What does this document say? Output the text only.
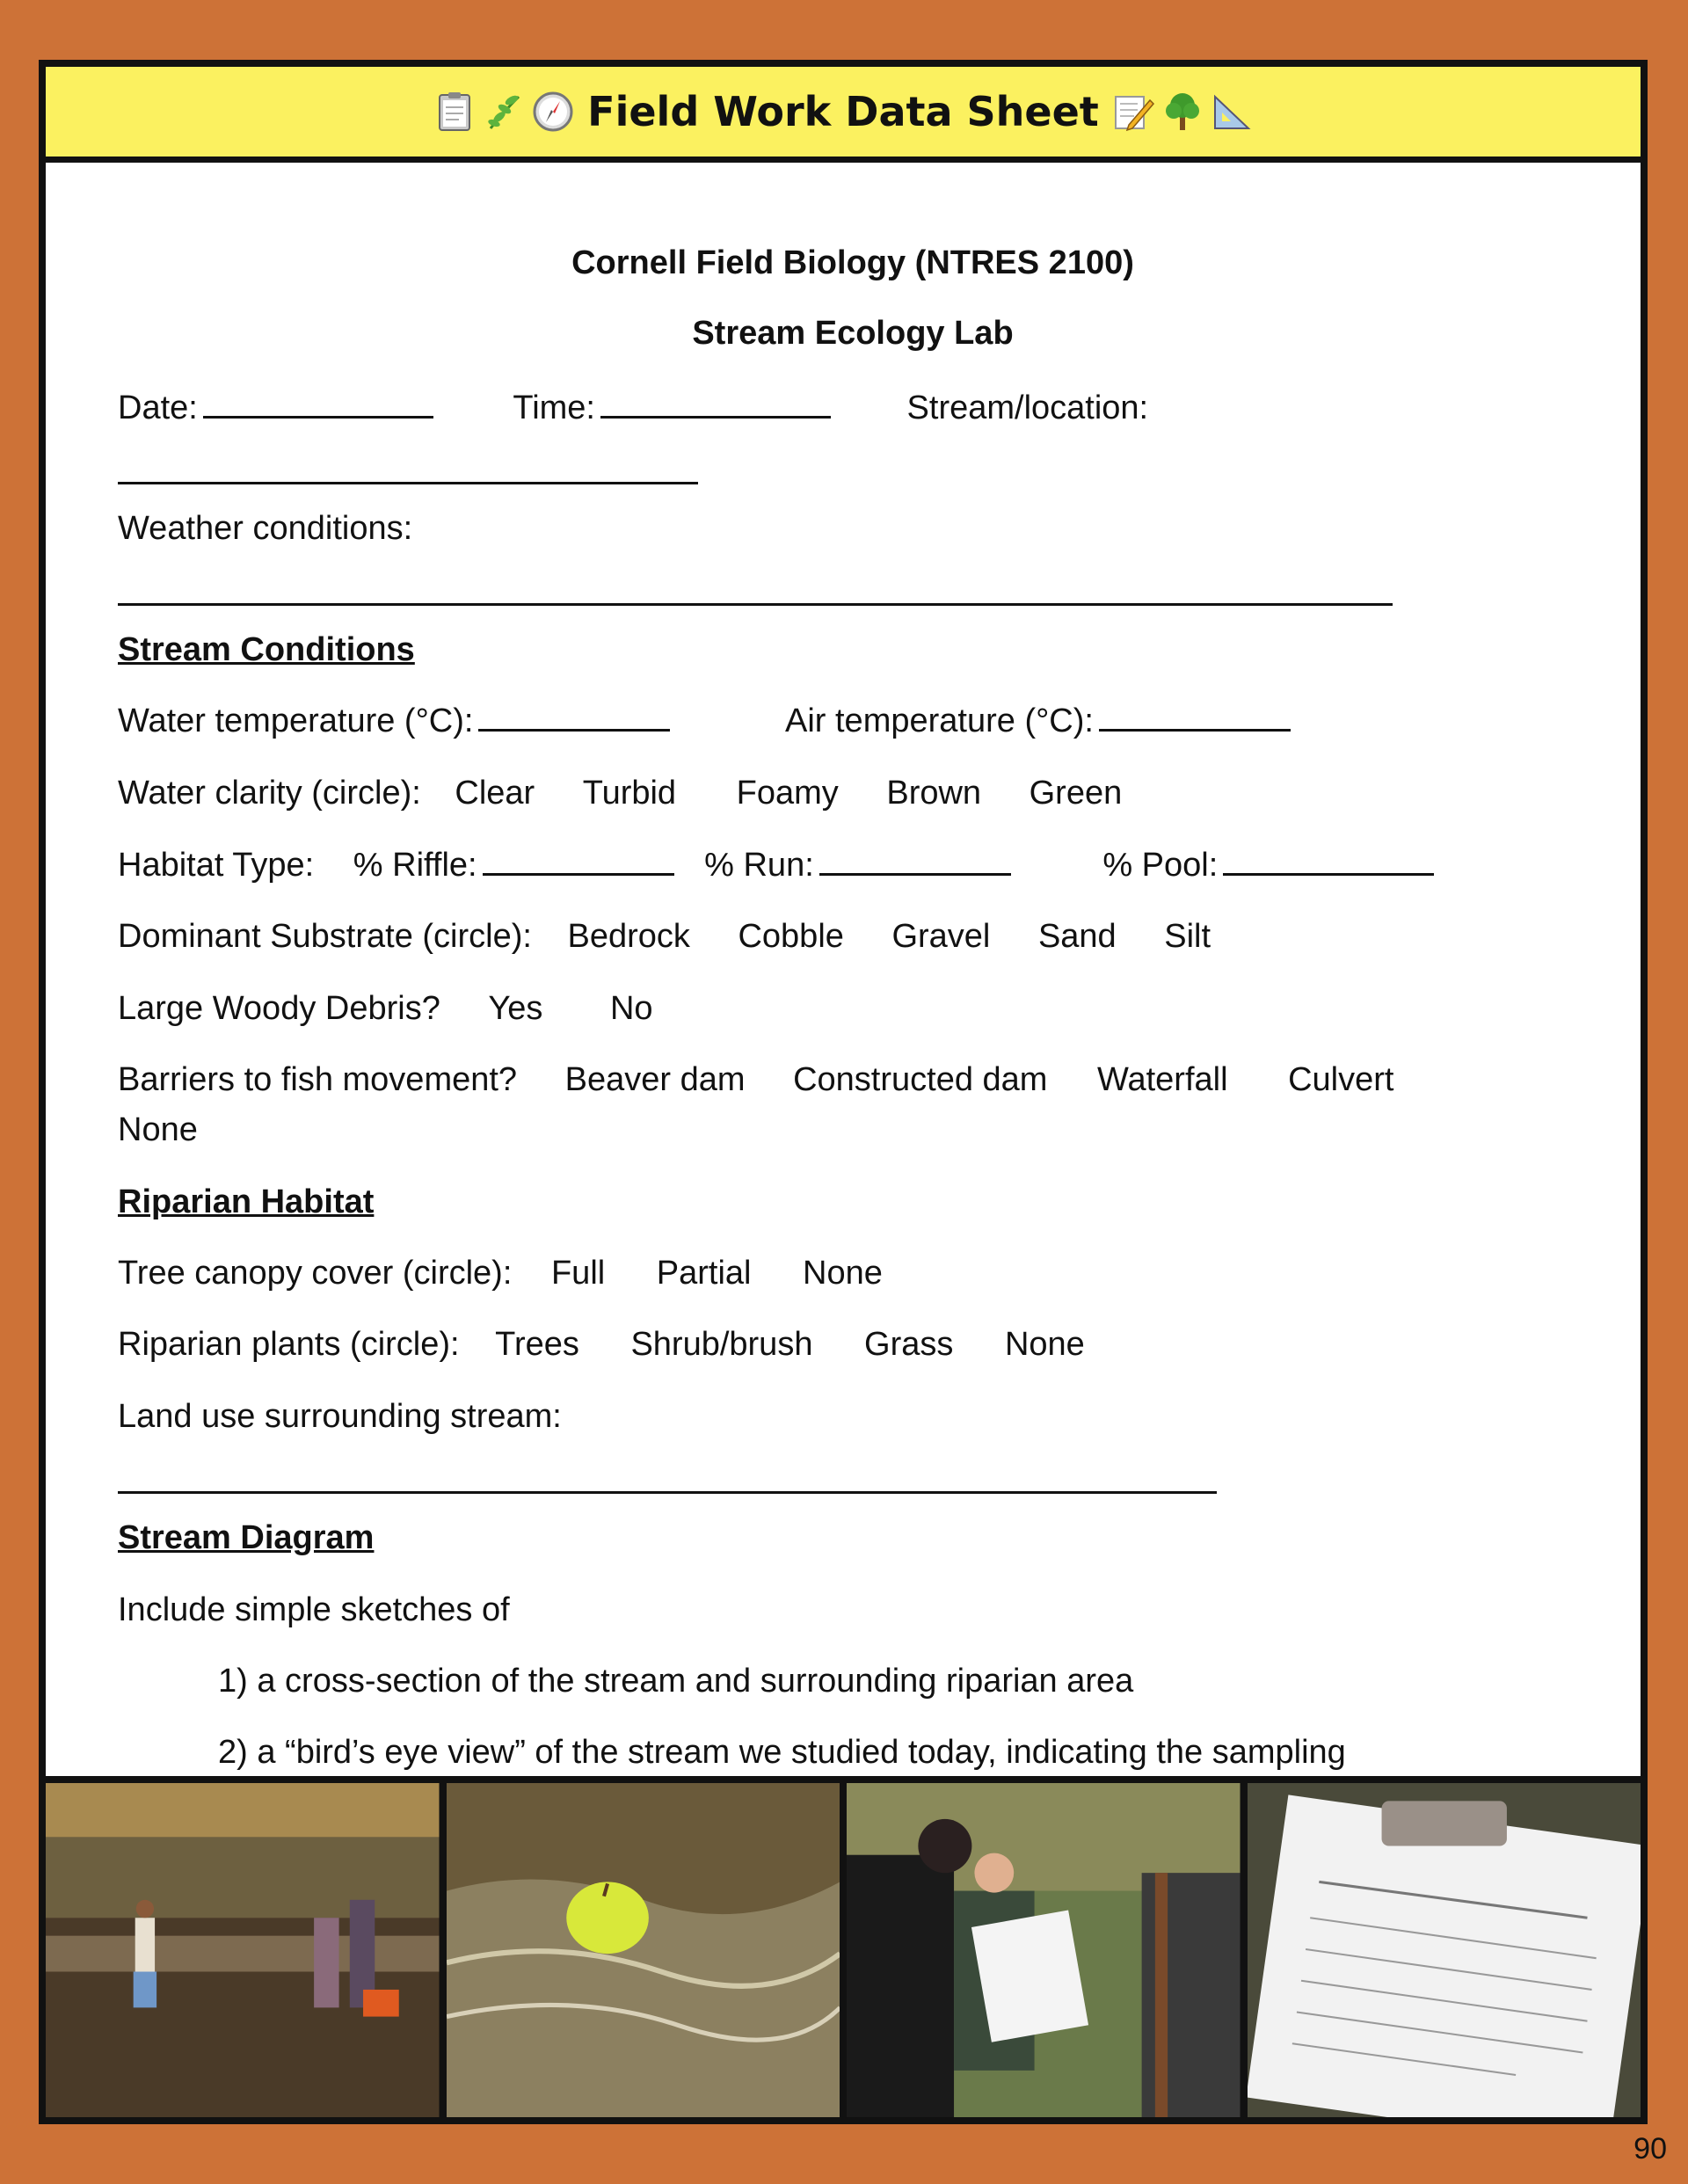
Field Work Data Sheet
Cornell Field Biology (NTRES 2100)
Stream Ecology Lab
Date:	Time:	Stream/location:
Weather conditions:
Stream Conditions
Water temperature (°C):	Air temperature (°C):
Water clarity (circle): Clear Turbid Foamy Brown Green
Habitat Type: % Riffle:	% Run:	% Pool:
Dominant Substrate (circle): Bedrock Cobble Gravel Sand Silt
Large Woody Debris? Yes No
Barriers to fish movement? Beaver dam Constructed dam Waterfall Culvert
None
Riparian Habitat
Tree canopy cover (circle): Full Partial None
Riparian plants (circle): Trees Shrub/brush Grass None
Land use surrounding stream:
Stream Diagram
Include simple sketches of
1) a cross-section of the stream and surrounding riparian area
2) a “bird’s eye view” of the stream we studied today, indicating the sampling
90
